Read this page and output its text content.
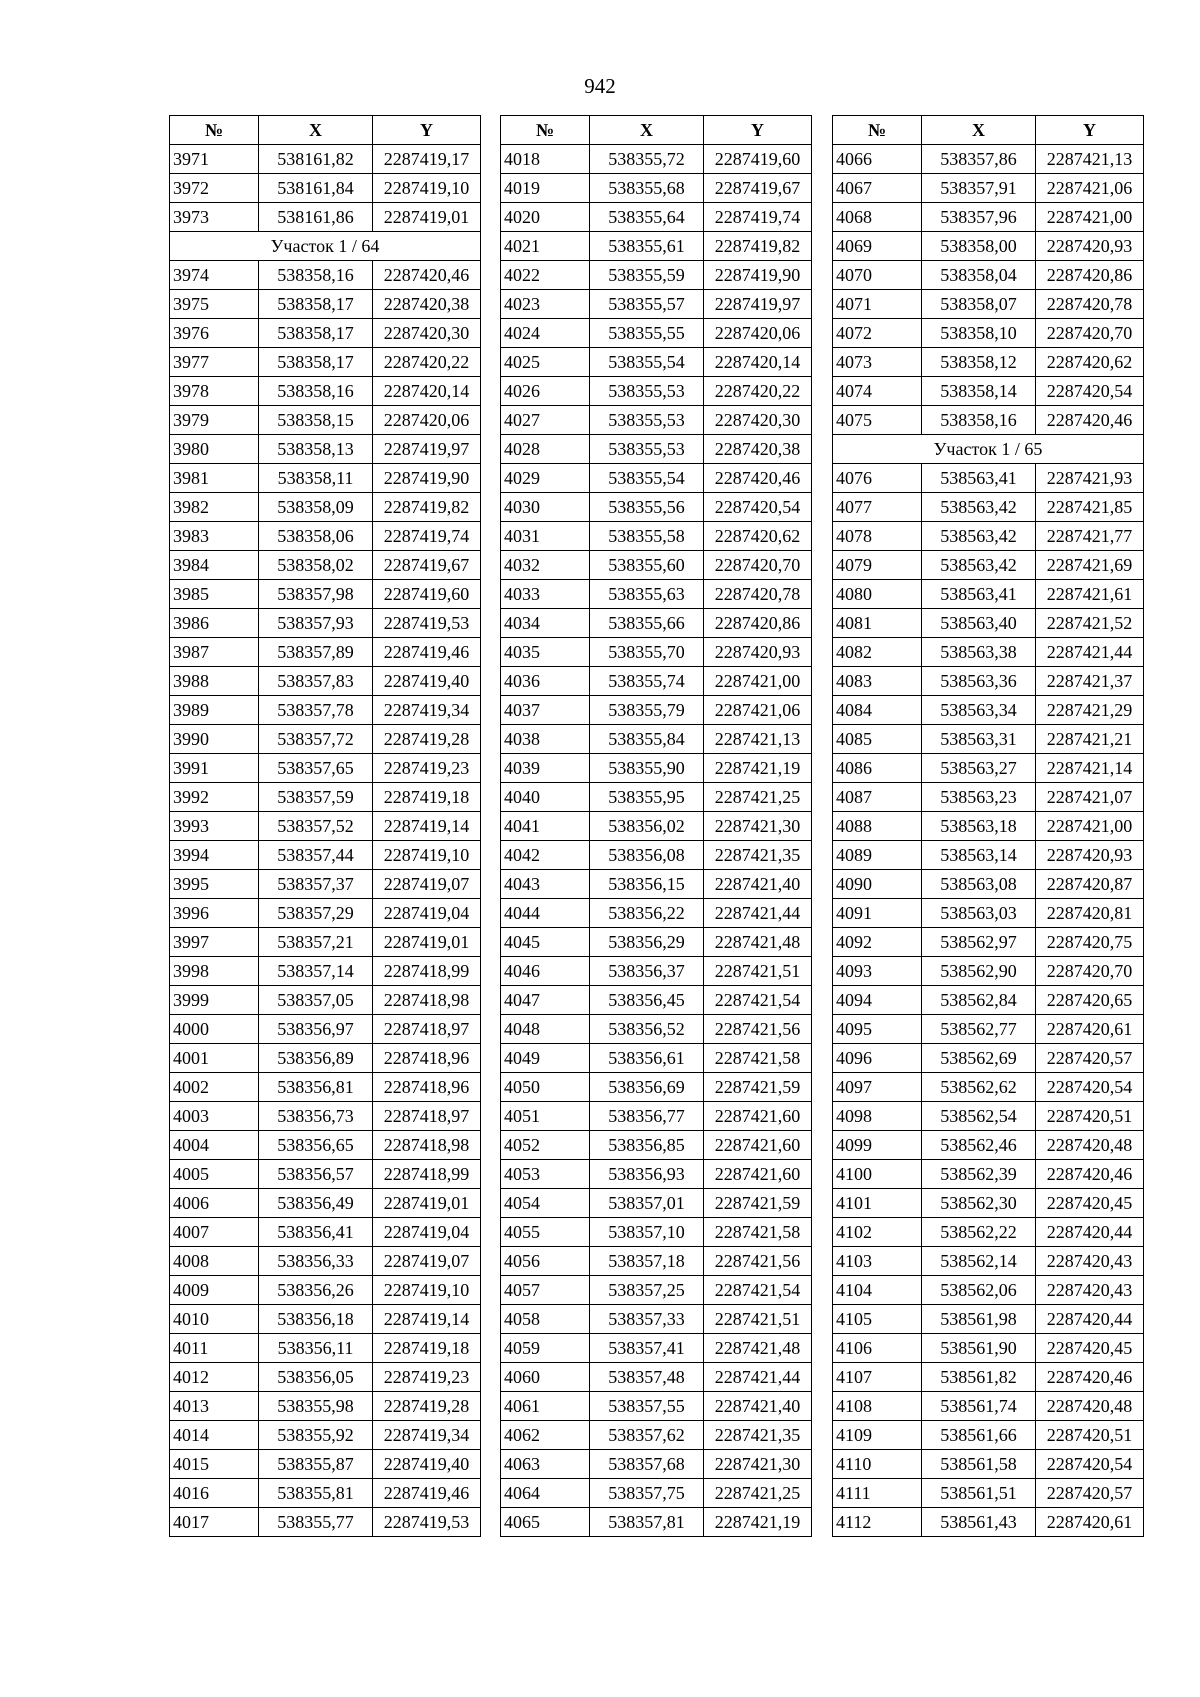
942
№	X	Y
3971	538161,82	2287419,17
3972	538161,84	2287419,10
3973	538161,86	2287419,01
Участок 1 / 64		
3974	538358,16	2287420,46
3975	538358,17	2287420,38
3976	538358,17	2287420,30
3977	538358,17	2287420,22
3978	538358,16	2287420,14
3979	538358,15	2287420,06
3980	538358,13	2287419,97
3981	538358,11	2287419,90
3982	538358,09	2287419,82
3983	538358,06	2287419,74
3984	538358,02	2287419,67
3985	538357,98	2287419,60
3986	538357,93	2287419,53
3987	538357,89	2287419,46
3988	538357,83	2287419,40
3989	538357,78	2287419,34
3990	538357,72	2287419,28
3991	538357,65	2287419,23
3992	538357,59	2287419,18
3993	538357,52	2287419,14
3994	538357,44	2287419,10
3995	538357,37	2287419,07
3996	538357,29	2287419,04
3997	538357,21	2287419,01
3998	538357,14	2287418,99
3999	538357,05	2287418,98
4000	538356,97	2287418,97
4001	538356,89	2287418,96
4002	538356,81	2287418,96
4003	538356,73	2287418,97
4004	538356,65	2287418,98
4005	538356,57	2287418,99
4006	538356,49	2287419,01
4007	538356,41	2287419,04
4008	538356,33	2287419,07
4009	538356,26	2287419,10
4010	538356,18	2287419,14
4011	538356,11	2287419,18
4012	538356,05	2287419,23
4013	538355,98	2287419,28
4014	538355,92	2287419,34
4015	538355,87	2287419,40
4016	538355,81	2287419,46
4017	538355,77	2287419,53
№	X	Y
4018	538355,72	2287419,60
4019	538355,68	2287419,67
4020	538355,64	2287419,74
4021	538355,61	2287419,82
4022	538355,59	2287419,90
4023	538355,57	2287419,97
4024	538355,55	2287420,06
4025	538355,54	2287420,14
4026	538355,53	2287420,22
4027	538355,53	2287420,30
4028	538355,53	2287420,38
4029	538355,54	2287420,46
4030	538355,56	2287420,54
4031	538355,58	2287420,62
4032	538355,60	2287420,70
4033	538355,63	2287420,78
4034	538355,66	2287420,86
4035	538355,70	2287420,93
4036	538355,74	2287421,00
4037	538355,79	2287421,06
4038	538355,84	2287421,13
4039	538355,90	2287421,19
4040	538355,95	2287421,25
4041	538356,02	2287421,30
4042	538356,08	2287421,35
4043	538356,15	2287421,40
4044	538356,22	2287421,44
4045	538356,29	2287421,48
4046	538356,37	2287421,51
4047	538356,45	2287421,54
4048	538356,52	2287421,56
4049	538356,61	2287421,58
4050	538356,69	2287421,59
4051	538356,77	2287421,60
4052	538356,85	2287421,60
4053	538356,93	2287421,60
4054	538357,01	2287421,59
4055	538357,10	2287421,58
4056	538357,18	2287421,56
4057	538357,25	2287421,54
4058	538357,33	2287421,51
4059	538357,41	2287421,48
4060	538357,48	2287421,44
4061	538357,55	2287421,40
4062	538357,62	2287421,35
4063	538357,68	2287421,30
4064	538357,75	2287421,25
4065	538357,81	2287421,19
№	X	Y
4066	538357,86	2287421,13
4067	538357,91	2287421,06
4068	538357,96	2287421,00
4069	538358,00	2287420,93
4070	538358,04	2287420,86
4071	538358,07	2287420,78
4072	538358,10	2287420,70
4073	538358,12	2287420,62
4074	538358,14	2287420,54
4075	538358,16	2287420,46
Участок 1 / 65		
4076	538563,41	2287421,93
4077	538563,42	2287421,85
4078	538563,42	2287421,77
4079	538563,42	2287421,69
4080	538563,41	2287421,61
4081	538563,40	2287421,52
4082	538563,38	2287421,44
4083	538563,36	2287421,37
4084	538563,34	2287421,29
4085	538563,31	2287421,21
4086	538563,27	2287421,14
4087	538563,23	2287421,07
4088	538563,18	2287421,00
4089	538563,14	2287420,93
4090	538563,08	2287420,87
4091	538563,03	2287420,81
4092	538562,97	2287420,75
4093	538562,90	2287420,70
4094	538562,84	2287420,65
4095	538562,77	2287420,61
4096	538562,69	2287420,57
4097	538562,62	2287420,54
4098	538562,54	2287420,51
4099	538562,46	2287420,48
4100	538562,39	2287420,46
4101	538562,30	2287420,45
4102	538562,22	2287420,44
4103	538562,14	2287420,43
4104	538562,06	2287420,43
4105	538561,98	2287420,44
4106	538561,90	2287420,45
4107	538561,82	2287420,46
4108	538561,74	2287420,48
4109	538561,66	2287420,51
4110	538561,58	2287420,54
4111	538561,51	2287420,57
4112	538561,43	2287420,61
